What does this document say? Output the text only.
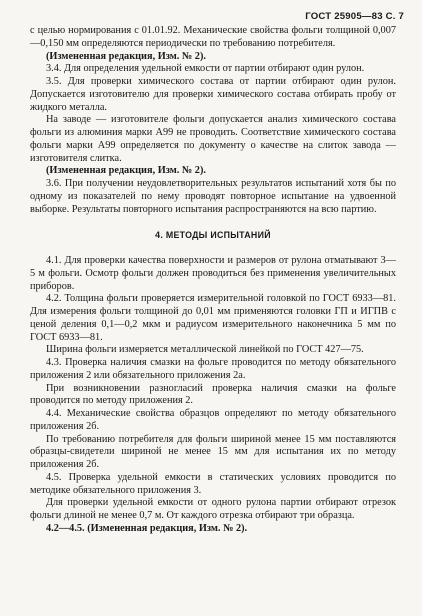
ГОСТ 25905—83 С. 7

с целью нормирования с 01.01.92. Механические свойства фольги толщиной 0,007—0,150 мм определяются периодически по требованию потребителя.

(Измененная редакция, Изм. № 2).

3.4. Для определения удельной емкости от партии отбирают один рулон.

3.5. Для проверки химического состава от партии отбирают один рулон. Допускается изготовителю для проверки химического состава отбирать пробу от жидкого металла.

На заводе — изготовителе фольги допускается анализ химического состава фольги из алюминия марки А99 не проводить. Соответствие химического состава фольги марки А99 определяется по документу о качестве на слиток завода — изготовителя слитка.

(Измененная редакция, Изм. № 2).

3.6. При получении неудовлетворительных результатов испытаний хотя бы по одному из показателей по нему проводят повторное испытание на удвоенной выборке. Результаты повторного испытания распространяются на всю партию.

4. МЕТОДЫ ИСПЫТАНИЙ

4.1. Для проверки качества поверхности и размеров от рулона отматывают 3— 5 м фольги. Осмотр фольги должен проводиться без применения увеличительных приборов.

4.2. Толщина фольги проверяется измерительной головкой по ГОСТ 6933—81. Для измерения фольги толщиной до 0,01 мм применяются головки ГП и ИГПВ с ценой деления 0,1—0,2 мкм и радиусом измерительного наконечника 5 мм по ГОСТ 6933—81.

Ширина фольги измеряется металлической линейкой по ГОСТ 427—75.

4.3. Проверка наличия смазки на фольге проводится по методу обязательного приложения 2 или обязательного приложения 2а.

При возникновении разногласий проверка наличия смазки на фольге проводится по методу приложения 2.

4.4. Механические свойства образцов определяют по методу обязательного приложения 2б.

По требованию потребителя для фольги шириной менее 15 мм поставляются образцы-свидетели шириной не менее 15 мм для испытания их по методу приложения 2б.

4.5. Проверка удельной емкости в статических условиях проводится по методике обязательного приложения 3.

Для проверки удельной емкости от одного рулона партии отбирают отрезок фольги длиной не менее 0,7 м. От каждого отрезка отбирают три образца.

4.2—4.5. (Измененная редакция, Изм. № 2).
